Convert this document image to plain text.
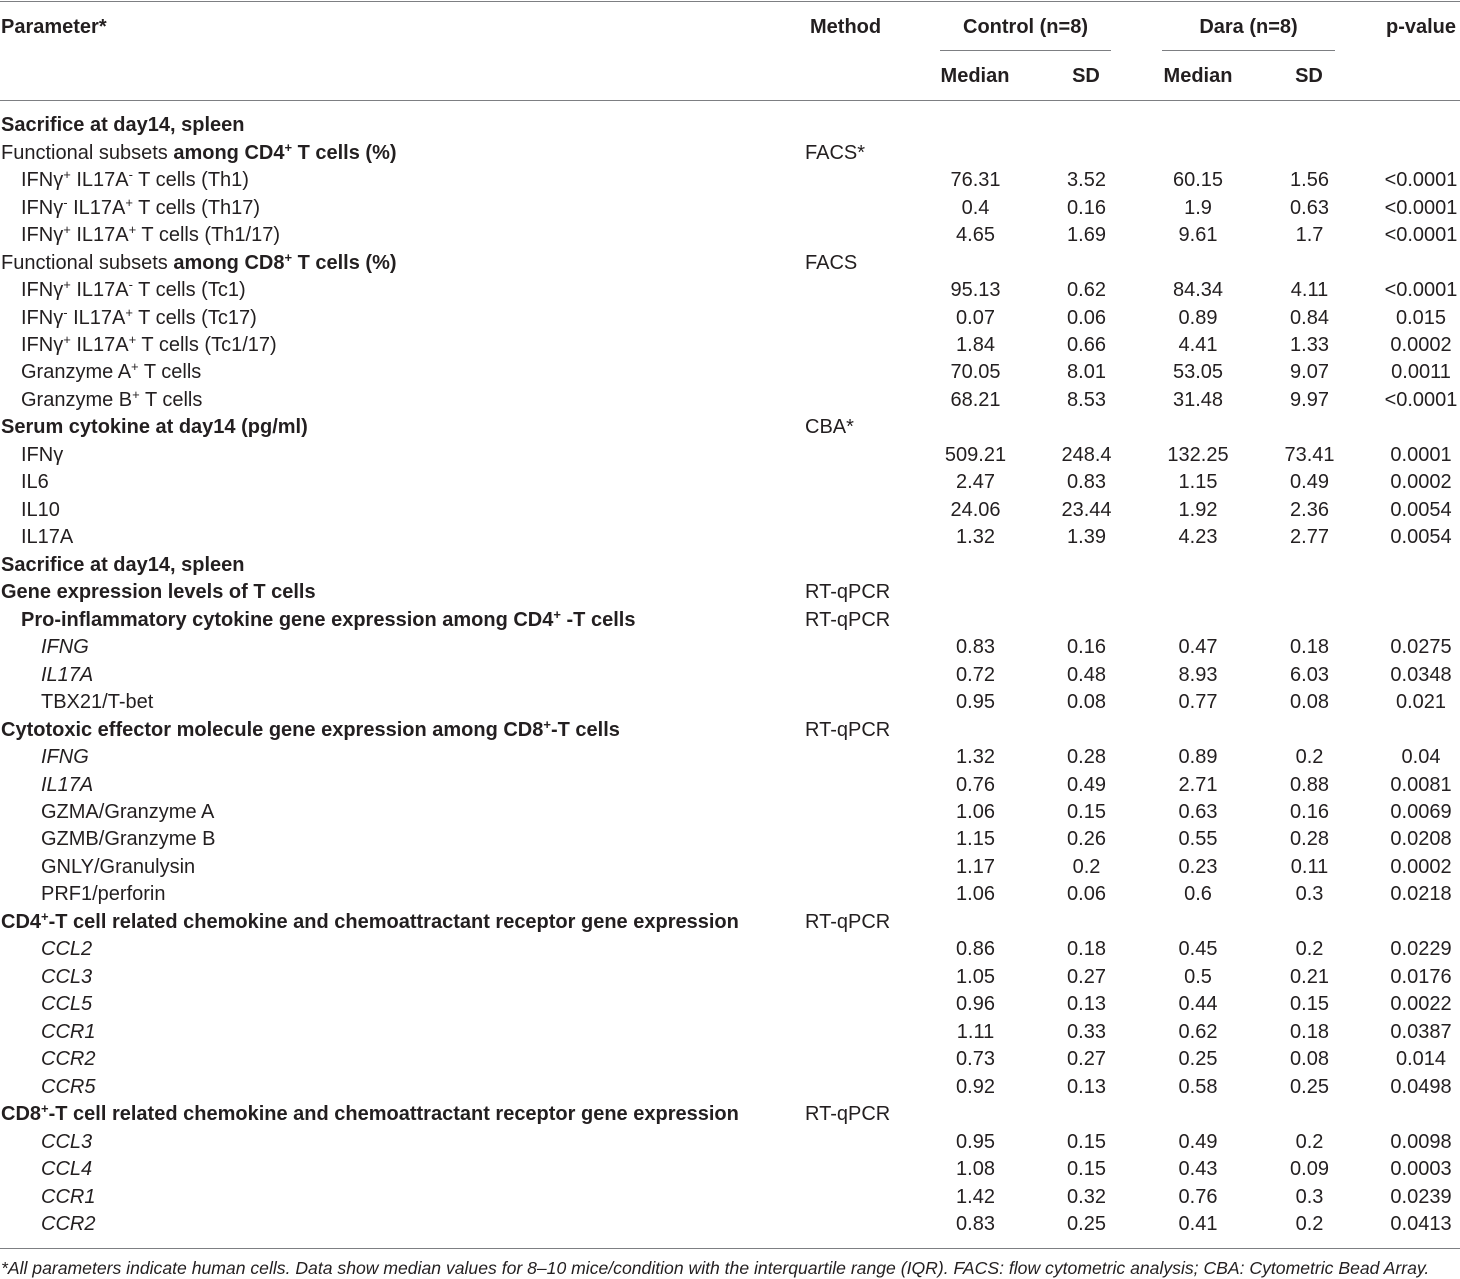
Parameter*	Method	Control (n=8)	Dara (n=8)	p-value
Median	SD	Median	SD
Sacrifice at day14, spleen
Functional subsets among CD4+ T cells (%)	FACS*
IFNγ+ IL17A- T cells (Th1)	76.31	3.52	60.15	1.56	<0.0001
IFNγ- IL17A+ T cells (Th17)	0.4	0.16	1.9	0.63	<0.0001
IFNγ+ IL17A+ T cells (Th1/17)	4.65	1.69	9.61	1.7	<0.0001
Functional subsets among CD8+ T cells (%)	FACS
IFNγ+ IL17A- T cells (Tc1)	95.13	0.62	84.34	4.11	<0.0001
IFNγ- IL17A+ T cells (Tc17)	0.07	0.06	0.89	0.84	0.015
IFNγ+ IL17A+ T cells (Tc1/17)	1.84	0.66	4.41	1.33	0.0002
Granzyme A+ T cells	70.05	8.01	53.05	9.07	0.0011
Granzyme B+ T cells	68.21	8.53	31.48	9.97	<0.0001
Serum cytokine at day14 (pg/ml)	CBA*
IFNγ	509.21	248.4	132.25	73.41	0.0001
IL6	2.47	0.83	1.15	0.49	0.0002
IL10	24.06	23.44	1.92	2.36	0.0054
IL17A	1.32	1.39	4.23	2.77	0.0054
Sacrifice at day14, spleen
Gene expression levels of T cells	RT-qPCR
Pro-inflammatory cytokine gene expression among CD4+ -T cells	RT-qPCR
IFNG	0.83	0.16	0.47	0.18	0.0275
IL17A	0.72	0.48	8.93	6.03	0.0348
TBX21/T-bet	0.95	0.08	0.77	0.08	0.021
Cytotoxic effector molecule gene expression among CD8+-T cells	RT-qPCR
IFNG	1.32	0.28	0.89	0.2	0.04
IL17A	0.76	0.49	2.71	0.88	0.0081
GZMA/Granzyme A	1.06	0.15	0.63	0.16	0.0069
GZMB/Granzyme B	1.15	0.26	0.55	0.28	0.0208
GNLY/Granulysin	1.17	0.2	0.23	0.11	0.0002
PRF1/perforin	1.06	0.06	0.6	0.3	0.0218
CD4+-T cell related chemokine and chemoattractant receptor gene expression	RT-qPCR
CCL2	0.86	0.18	0.45	0.2	0.0229
CCL3	1.05	0.27	0.5	0.21	0.0176
CCL5	0.96	0.13	0.44	0.15	0.0022
CCR1	1.11	0.33	0.62	0.18	0.0387
CCR2	0.73	0.27	0.25	0.08	0.014
CCR5	0.92	0.13	0.58	0.25	0.0498
CD8+-T cell related chemokine and chemoattractant receptor gene expression	RT-qPCR
CCL3	0.95	0.15	0.49	0.2	0.0098
CCL4	1.08	0.15	0.43	0.09	0.0003
CCR1	1.42	0.32	0.76	0.3	0.0239
CCR2	0.83	0.25	0.41	0.2	0.0413
*All parameters indicate human cells. Data show median values for 8–10 mice/condition with the interquartile range (IQR). FACS: flow cytometric analysis; CBA: Cytometric Bead Array.
